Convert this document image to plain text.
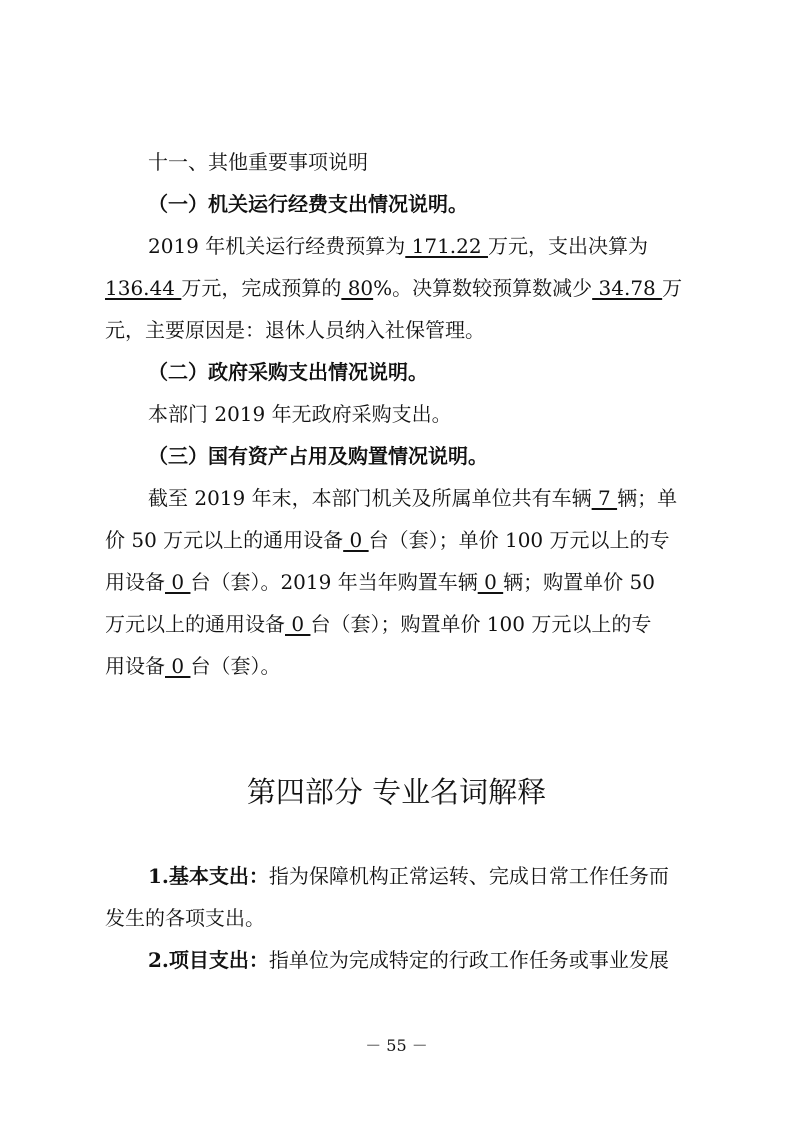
十一、其他重要事项说明
（一）机关运行经费支出情况说明。
2019 年机关运行经费预算为 171.22 万元，支出决算为
136.44 万元，完成预算的 80%。决算数较预算数减少 34.78 万
元，主要原因是：退休人员纳入社保管理。
（二）政府采购支出情况说明。
本部门 2019 年无政府采购支出。
（三）国有资产占用及购置情况说明。
截至 2019 年末，本部门机关及所属单位共有车辆 7 辆；单
价 50 万元以上的通用设备 0 台（套）；单价 100 万元以上的专
用设备 0 台（套）。2019 年当年购置车辆 0 辆；购置单价 50
万元以上的通用设备 0 台（套）；购置单价 100 万元以上的专
用设备 0 台（套）。
第四部分 专业名词解释
1.基本支出：指为保障机构正常运转、完成日常工作任务而
发生的各项支出。
2.项目支出：指单位为完成特定的行政工作任务或事业发展
－ 55 －
